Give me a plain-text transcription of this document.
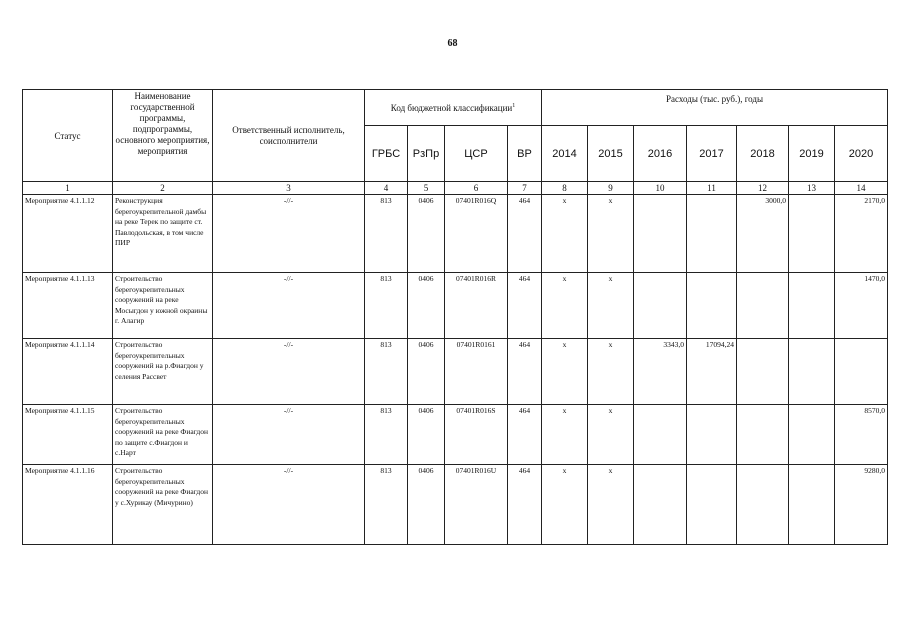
68
Статус	Наименование государственной программы, подпрограммы, основного мероприятия, мероприятия	Ответственный исполнитель, соисполнители	Код бюджетной классификации$^1$				Расходы (тыс. руб.), годы						
			ГРБС	РзПр	ЦСР	ВР	2014	2015	2016	2017	2018	2019	2020
1	2	3	4	5	6	7	8	9	10	11	12	13	14
Мероприятие 4.1.1.12	Реконструкция берегоукрепительной дамбы на реке Терек по защите ст. Павлодольская, в том числе ПИР	-//-	813	0406	07401R016Q	464	x	x			3000,0		2170,0
Мероприятие 4.1.1.13	Строительство берегоукрепительных сооружений на реке Мосыгдон у южной окраины г. Алагир	-//-	813	0406	07401R016R	464	x	x					1470,0
Мероприятие 4.1.1.14	Строительство берегоукрепительных сооружений на р.Фиагдон у селения Рассвет	-//-	813	0406	07401R0161	464	x	x	3343,0	17094,24			
Мероприятие 4.1.1.15	Строительство берегоукрепительных сооружений на реке Фиагдон по защите с.Фиагдон и с.Нарт	-//-	813	0406	07401R016S	464	x	x					8570,0
Мероприятие 4.1.1.16	Строительство берегоукрепительных сооружений на реке Фиагдон у с.Хурикау (Мичурино)	-//-	813	0406	07401R016U	464	x	x					9280,0
